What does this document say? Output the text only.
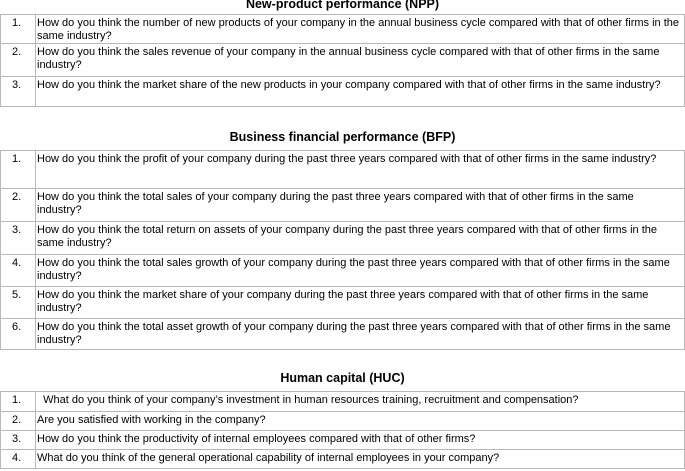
New-product performance (NPP)
1.	How do you think the number of new products of your company in the annual business cycle compared with that of other firms in the same industry?
2.	How do you think the sales revenue of your company in the annual business cycle compared with that of other firms in the same industry?
3.	How do you think the market share of the new products in your company compared with that of other firms in the same industry?
Business financial performance (BFP)
1.	How do you think the profit of your company during the past three years compared with that of other firms in the same industry?
2.	How do you think the total sales of your company during the past three years compared with that of other firms in the same industry?
3.	How do you think the total return on assets of your company during the past three years compared with that of other firms in the same industry?
4.	How do you think the total sales growth of your company during the past three years compared with that of other firms in the same industry?
5.	How do you think the market share of your company during the past three years compared with that of other firms in the same industry?
6.	How do you think the total asset growth of your company during the past three years compared with that of other firms in the same industry?
Human capital (HUC)
1.	What do you think of your company’s investment in human resources training, recruitment and compensation?
2.	Are you satisfied with working in the company?
3.	How do you think the productivity of internal employees compared with that of other firms?
4.	What do you think of the general operational capability of internal employees in your company?
